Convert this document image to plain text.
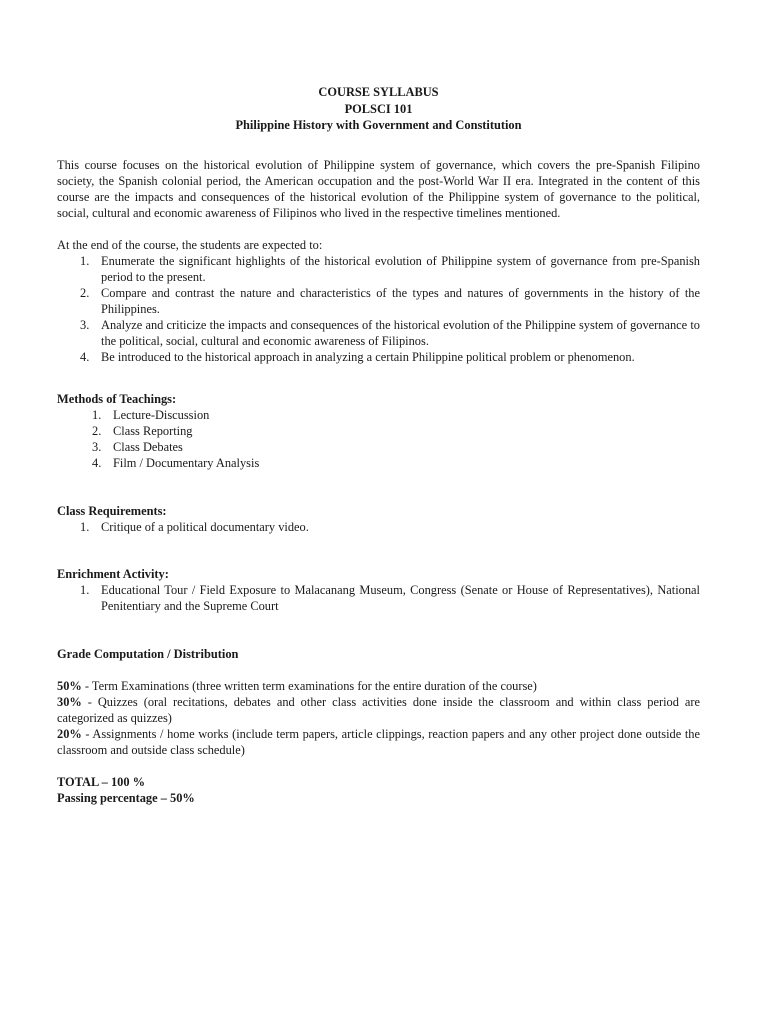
COURSE SYLLABUS
POLSCI 101
Philippine History with Government and Constitution

This course focuses on the historical evolution of Philippine system of governance, which covers the pre-Spanish Filipino society, the Spanish colonial period, the American occupation and the post-World War II era. Integrated in the content of this course are the impacts and consequences of the historical evolution of the Philippine system of governance to the political, social, cultural and economic awareness of Filipinos who lived in the respective timelines mentioned.

At the end of the course, the students are expected to:

1. Enumerate the significant highlights of the historical evolution of Philippine system of governance from pre-Spanish period to the present.
2. Compare and contrast the nature and characteristics of the types and natures of governments in the history of the Philippines.
3. Analyze and criticize the impacts and consequences of the historical evolution of the Philippine system of governance to the political, social, cultural and economic awareness of Filipinos.
4. Be introduced to the historical approach in analyzing a certain Philippine political problem or phenomenon.

Methods of Teachings:

1. Lecture-Discussion
2. Class Reporting
3. Class Debates
4. Film / Documentary Analysis

Class Requirements:

1. Critique of a political documentary video.

Enrichment Activity:

1. Educational Tour / Field Exposure to Malacanang Museum, Congress (Senate or House of Representatives), National Penitentiary and the Supreme Court

Grade Computation / Distribution

50% - Term Examinations (three written term examinations for the entire duration of the course)
30% - Quizzes (oral recitations, debates and other class activities done inside the classroom and within class period are categorized as quizzes)
20% - Assignments / home works (include term papers, article clippings, reaction papers and any other project done outside the classroom and outside class schedule)
TOTAL – 100 %
Passing percentage – 50%
